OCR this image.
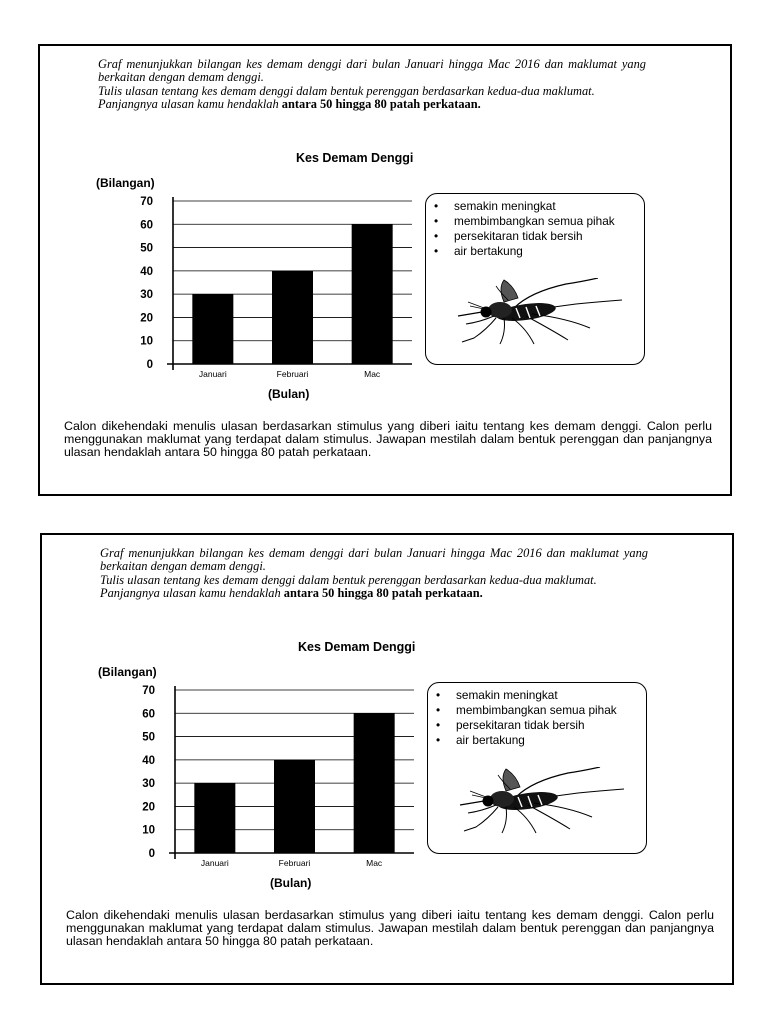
Graf menunjukkan bilangan kes demam denggi dari bulan Januari hingga Mac 2016 dan maklumat yang berkaitan dengan demam denggi.

Tulis ulasan tentang kes demam denggi dalam bentuk perenggan berdasarkan kedua-dua maklumat.

Panjangnya ulasan kamu hendaklah antara 50 hingga 80 patah perkataan.

Kes Demam Denggi
(Bilangan)
0
10
20
30
40
50
60
70
Januari	Februari	Mac
(Bulan)
• semakin meningkat
• membimbangkan semua pihak
• persekitaran tidak bersih
• air bertakung

Calon dikehendaki menulis ulasan berdasarkan stimulus yang diberi iaitu tentang kes demam denggi. Calon perlu menggunakan maklumat yang terdapat dalam stimulus. Jawapan mestilah dalam bentuk perenggan dan panjangnya ulasan hendaklah antara 50 hingga 80 patah perkataan.

Graf menunjukkan bilangan kes demam denggi dari bulan Januari hingga Mac 2016 dan maklumat yang berkaitan dengan demam denggi.

Tulis ulasan tentang kes demam denggi dalam bentuk perenggan berdasarkan kedua-dua maklumat.

Panjangnya ulasan kamu hendaklah antara 50 hingga 80 patah perkataan.

Kes Demam Denggi
(Bilangan)
0
10
20
30
40
50
60
70
Januari	Februari	Mac
(Bulan)
• semakin meningkat
• membimbangkan semua pihak
• persekitaran tidak bersih
• air bertakung

Calon dikehendaki menulis ulasan berdasarkan stimulus yang diberi iaitu tentang kes demam denggi. Calon perlu menggunakan maklumat yang terdapat dalam stimulus. Jawapan mestilah dalam bentuk perenggan dan panjangnya ulasan hendaklah antara 50 hingga 80 patah perkataan.
